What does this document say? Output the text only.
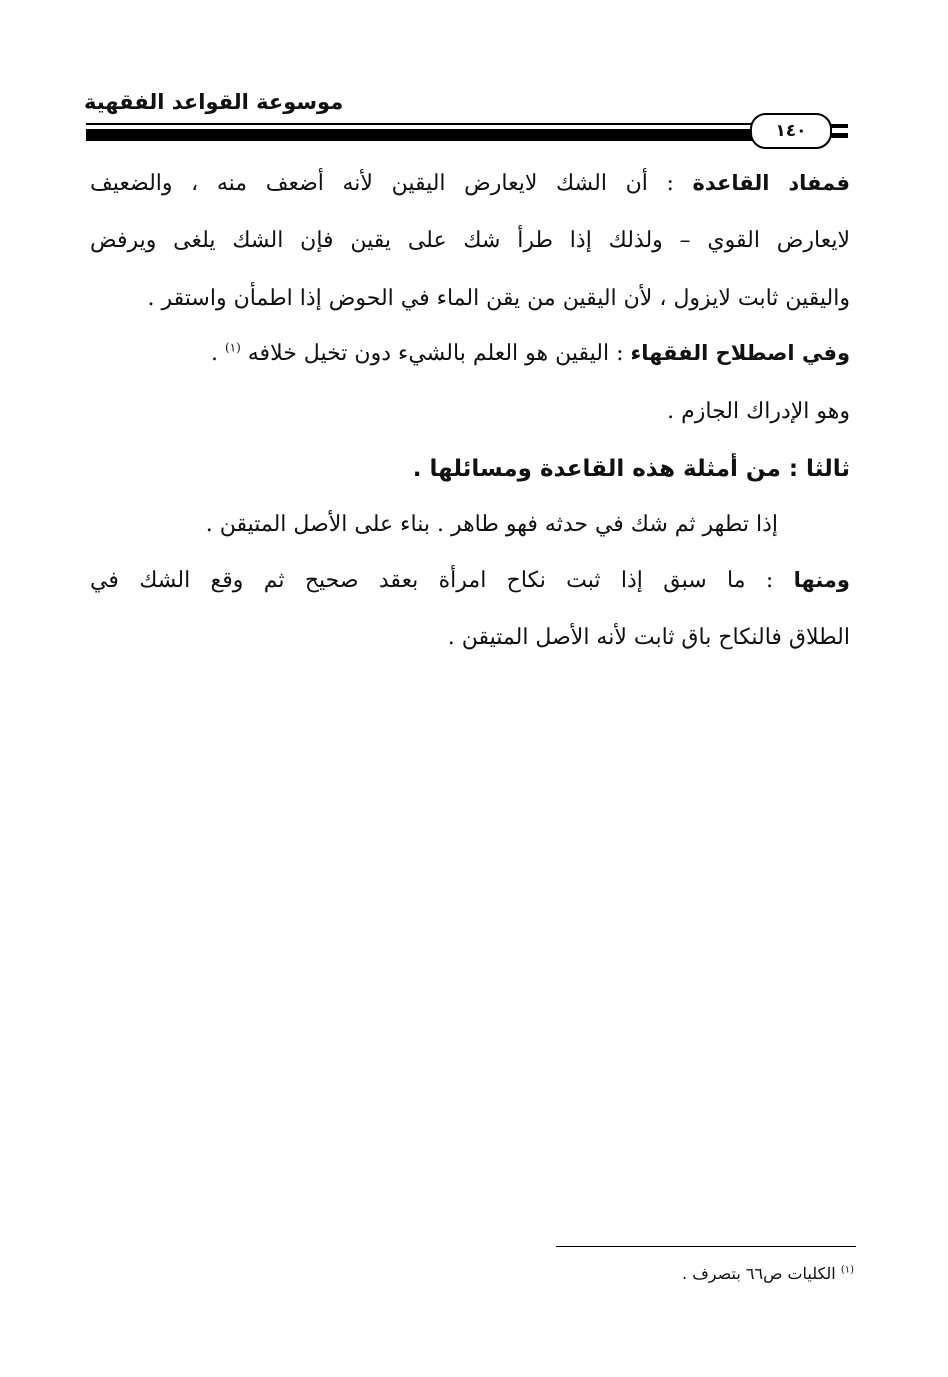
موسوعة القواعد الفقهية
١٤٠
فمفاد القاعدة : أن الشك لايعارض اليقين لأنه أضعف منه ، والضعيف
لايعارض القوي – ولذلك إذا طرأ شك على يقين فإن الشك يلغى ويرفض
واليقين ثابت لايزول ، لأن اليقين من يقن الماء في الحوض إذا اطمأن واستقر .
وفي اصطلاح الفقهاء : اليقين هو العلم بالشيء دون تخيل خلافه $^{(١)}$ .
وهو الإدراك الجازم .
ثالثا : من أمثلة هذه القاعدة ومسائلها .
إذا تطهر ثم شك في حدثه فهو طاهر . بناء على الأصل المتيقن .
ومنها : ما سبق إذا ثبت نكاح امرأة بعقد صحيح ثم وقع الشك في
الطلاق فالنكاح باق ثابت لأنه الأصل المتيقن .
$^{(١)}$ الكليات ص٦٦ بتصرف .
